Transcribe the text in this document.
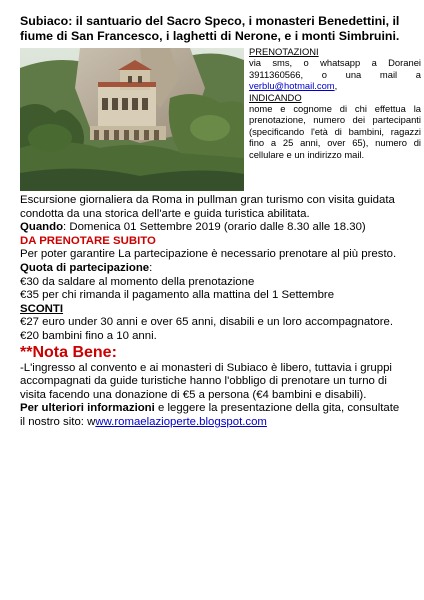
Subiaco: il santuario del Sacro Speco, i monasteri Benedettini, il fiume di San Francesco, i laghetti di Nerone, e i monti Simbruini.
PRENOTAZIONI
via sms, o whatsapp a Doranei 3911360566, o una mail a verblu@hotmail.com,
INDICANDO
nome e cognome di chi effettua la prenotazione, numero dei partecipanti (specificando l'età di bambini, ragazzi fino a 25 anni, over 65), numero di cellulare e un indirizzo mail.

Escursione giornaliera da Roma in pullman gran turismo con visita guidata condotta da una storica dell'arte e guida turistica abilitata.

Quando: Domenica 01 Settembre 2019 (orario dalle 8.30 alle 18.30)

DA PRENOTARE SUBITO

Per poter garantire La partecipazione è necessario prenotare al più presto.

Quota di partecipazione:

€30 da saldare al momento della prenotazione

€35 per chi rimanda il pagamento alla mattina del 1 Settembre

SCONTI

€27 euro under 30 anni e over 65 anni, disabili e un loro accompagnatore.

€20 bambini fino a 10 anni.

**Nota Bene:

-L'ingresso al convento e ai monasteri di Subiaco è libero, tuttavia i gruppi accompagnati da guide turistiche hanno l'obbligo di prenotare un turno di visita facendo una donazione di €5 a persona (€4 bambini e disabili).

Per ulteriori informazioni e leggere la presentazione della gita, consultate il nostro sito: www.romaelazioperte.blogspot.com
